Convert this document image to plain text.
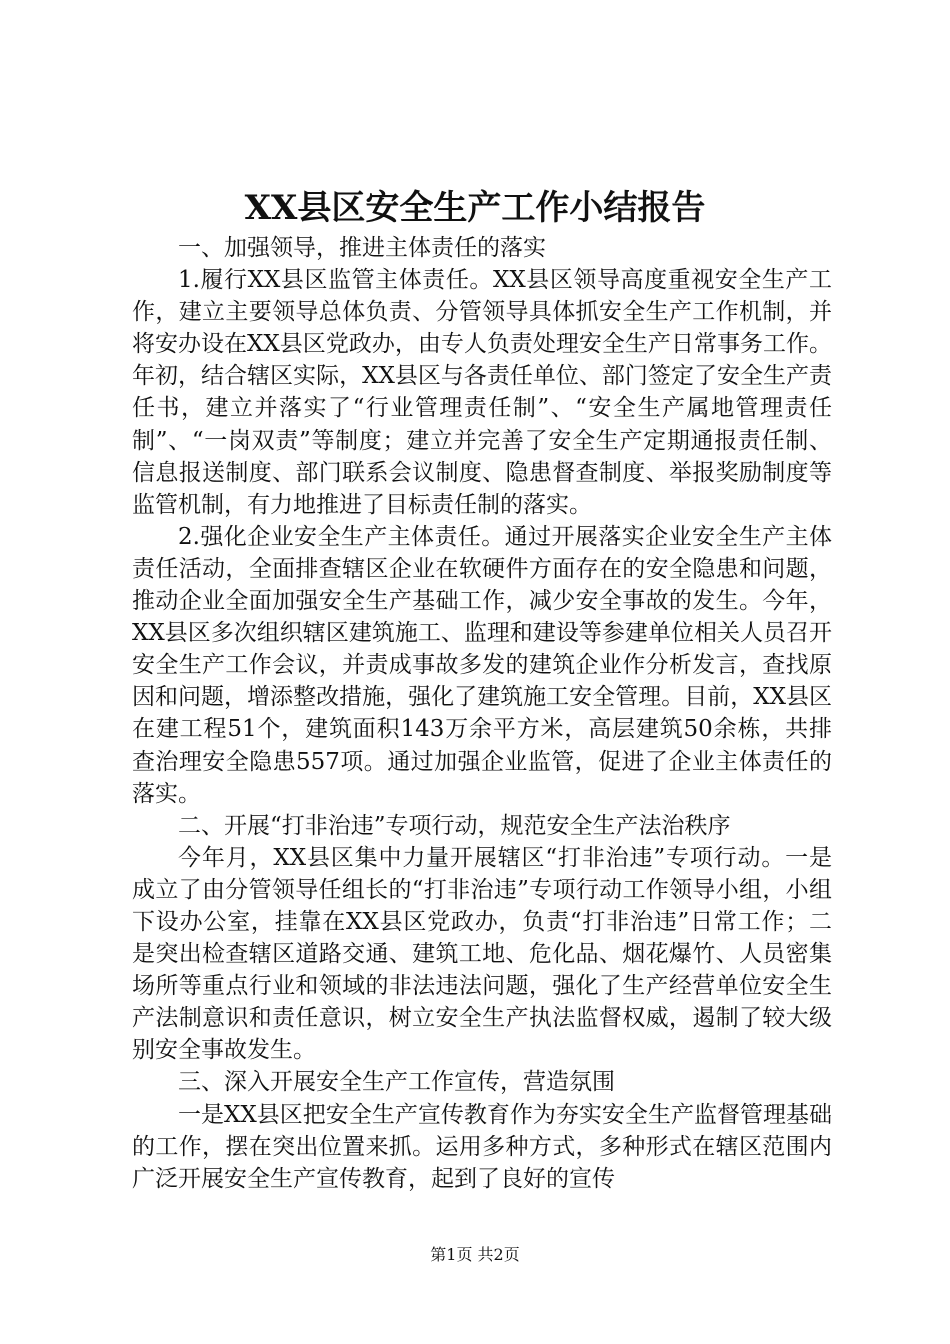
XX县区安全生产工作小结报告

一、加强领导，推进主体责任的落实

1.履行XX县区监管主体责任。XX县区领导高度重视安全生产工作，建立主要领导总体负责、分管领导具体抓安全生产工作机制，并将安办设在XX县区党政办，由专人负责处理安全生产日常事务工作。年初，结合辖区实际，XX县区与各责任单位、部门签定了安全生产责任书，建立并落实了“行业管理责任制”、“安全生产属地管理责任制”、“一岗双责”等制度；建立并完善了安全生产定期通报责任制、信息报送制度、部门联系会议制度、隐患督查制度、举报奖励制度等监管机制，有力地推进了目标责任制的落实。

2.强化企业安全生产主体责任。通过开展落实企业安全生产主体责任活动，全面排查辖区企业在软硬件方面存在的安全隐患和问题，推动企业全面加强安全生产基础工作，减少安全事故的发生。今年，XX县区多次组织辖区建筑施工、监理和建设等参建单位相关人员召开安全生产工作会议，并责成事故多发的建筑企业作分析发言，查找原因和问题，增添整改措施，强化了建筑施工安全管理。目前，XX县区在建工程51个，建筑面积143万余平方米，高层建筑50余栋，共排查治理安全隐患557项。通过加强企业监管，促进了企业主体责任的落实。

二、开展“打非治违”专项行动，规范安全生产法治秩序

今年月，XX县区集中力量开展辖区“打非治违”专项行动。一是成立了由分管领导任组长的“打非治违”专项行动工作领导小组，小组下设办公室，挂靠在XX县区党政办，负责“打非治违”日常工作；二是突出检查辖区道路交通、建筑工地、危化品、烟花爆竹、人员密集场所等重点行业和领域的非法违法问题，强化了生产经营单位安全生产法制意识和责任意识，树立安全生产执法监督权威，遏制了较大级别安全事故发生。

三、深入开展安全生产工作宣传，营造氛围

一是XX县区把安全生产宣传教育作为夯实安全生产监督管理基础的工作，摆在突出位置来抓。运用多种方式，多种形式在辖区范围内广泛开展安全生产宣传教育，起到了良好的宣传

第1页 共2页
